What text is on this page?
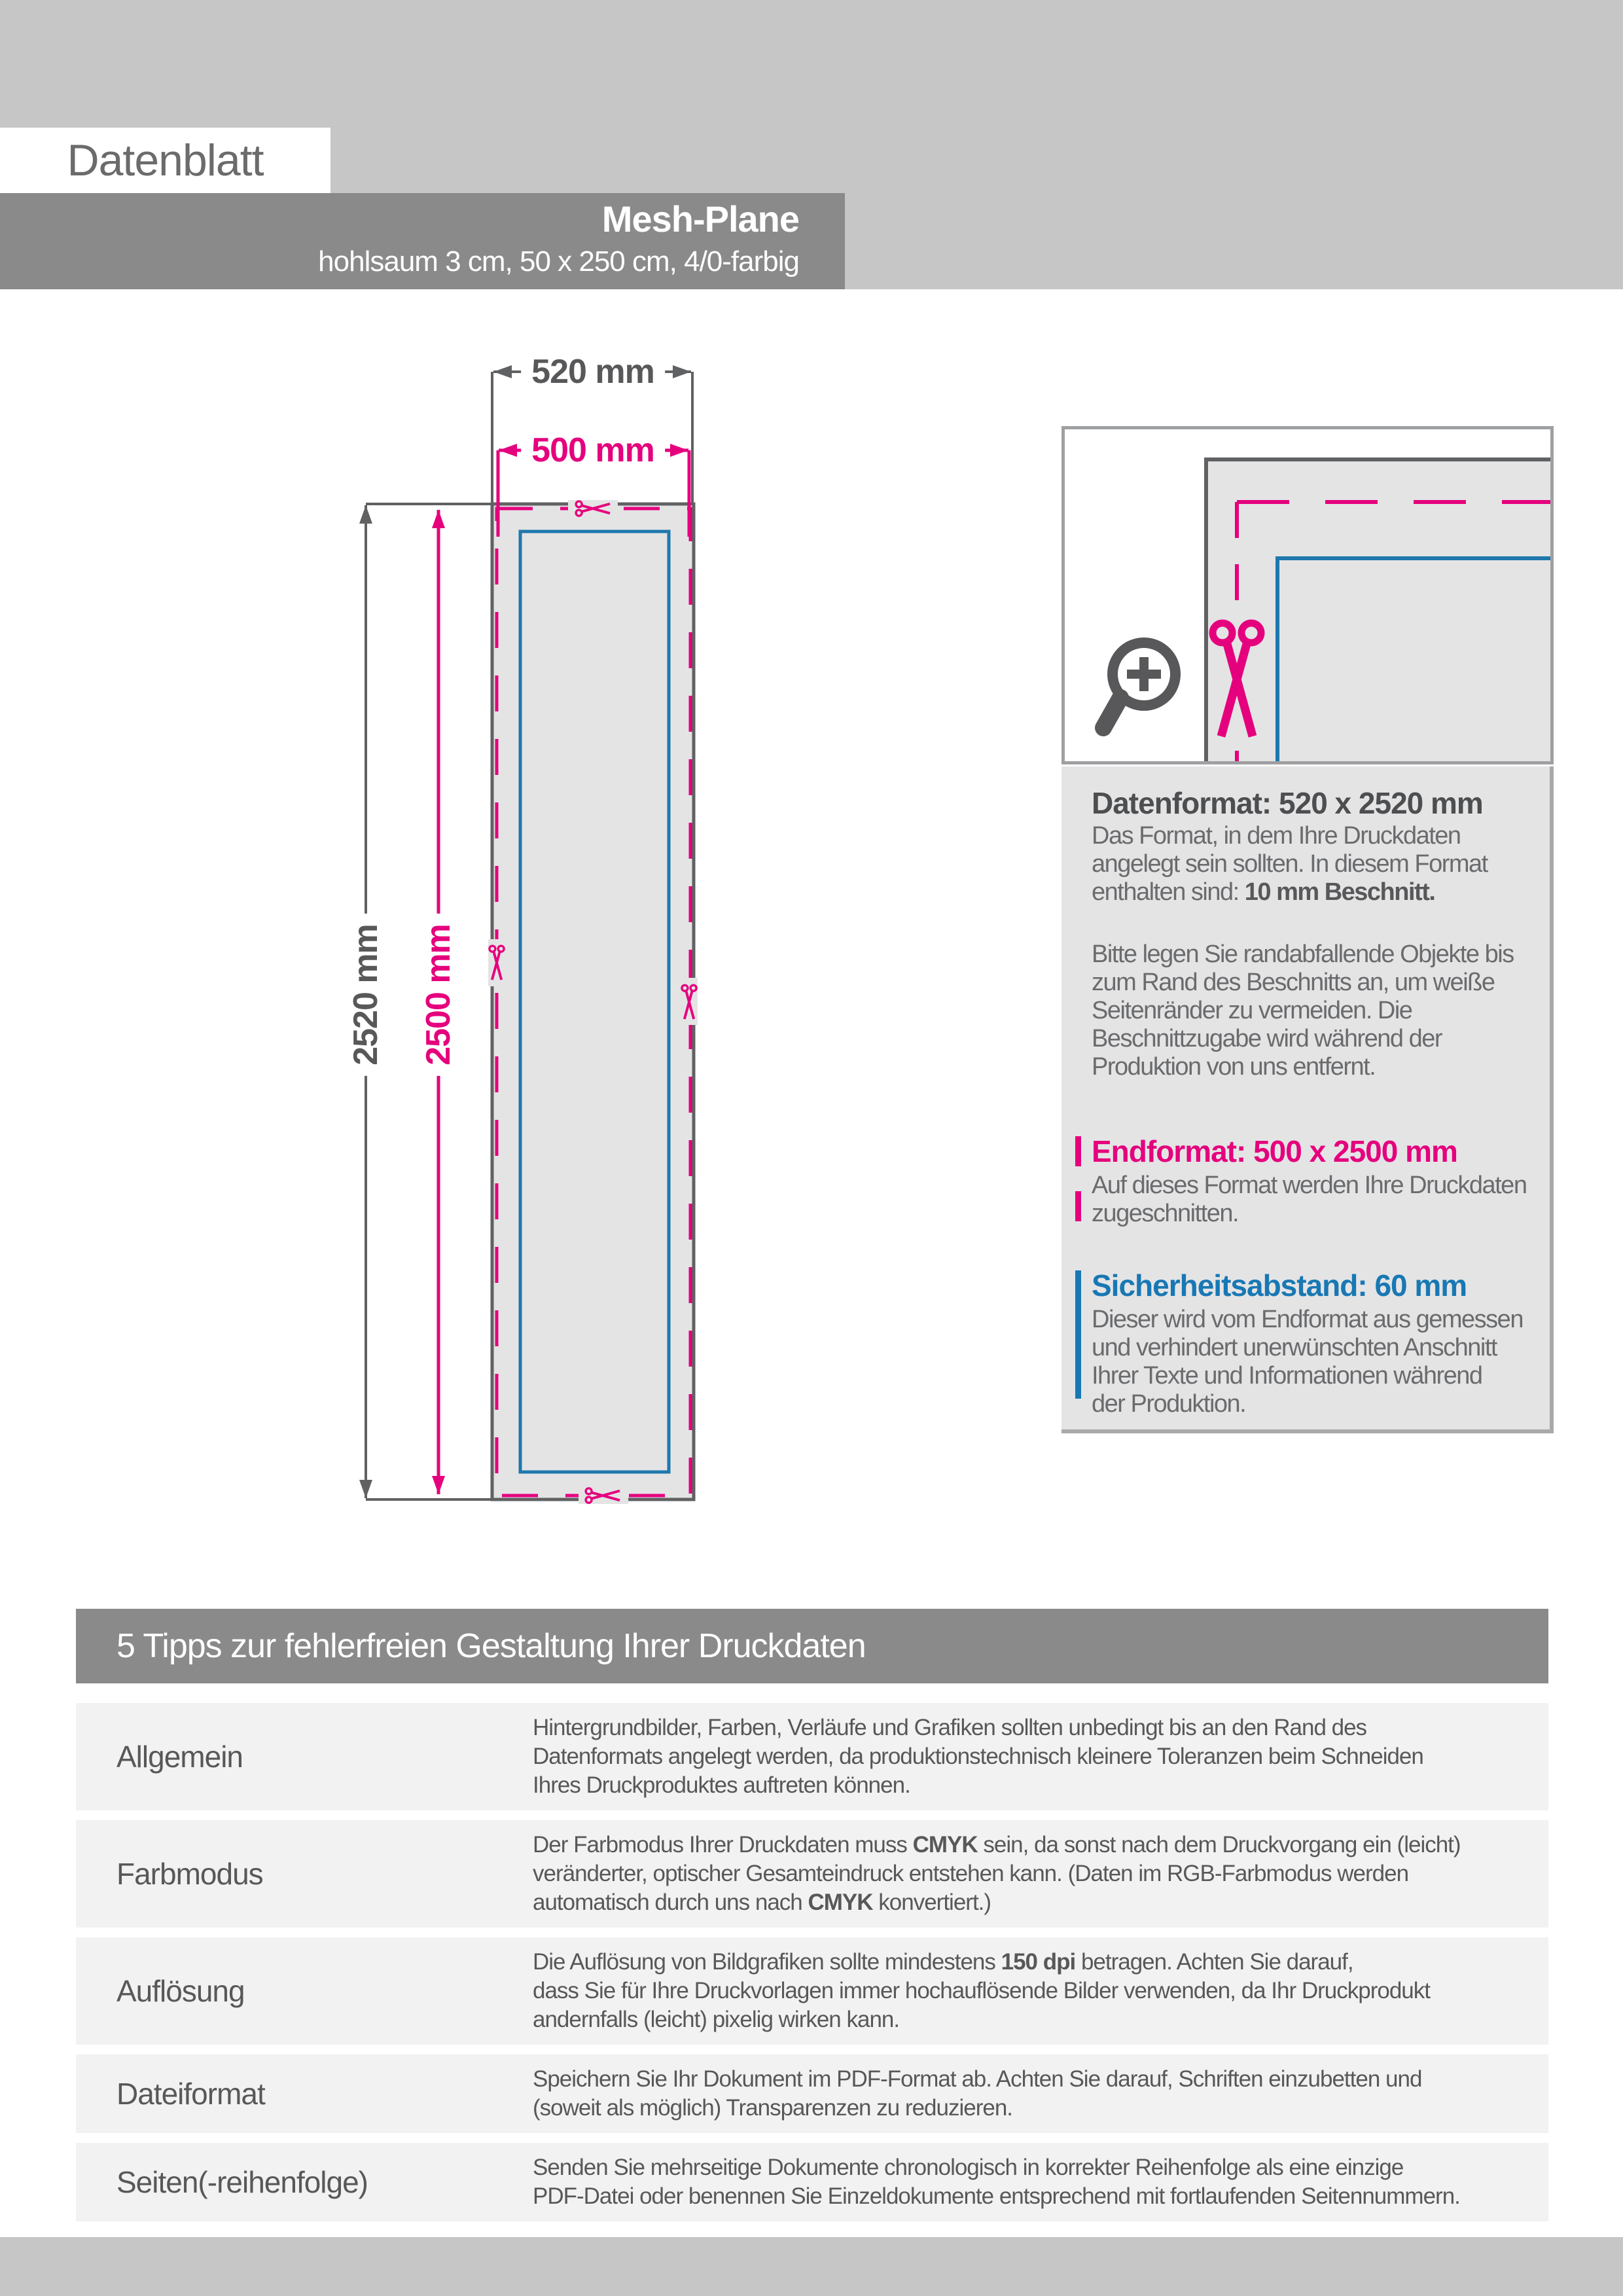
Datenblatt
Mesh-Plane
hohlsaum 3 cm, 50 x 250 cm, 4/0-farbig
520 mm
500 mm
2520 mm 2500 mm
Datenformat: 520 x 2520 mm
Das Format, in dem Ihre Druckdaten
angelegt sein sollten. In diesem Format
enthalten sind: 10 mm Beschnitt.
Bitte legen Sie randabfallende Objekte bis
zum Rand des Beschnitts an, um weiße
Seitenränder zu vermeiden. Die
Beschnittzugabe wird während der
Produktion von uns entfernt.
Endformat: 500 x 2500 mm
Auf dieses Format werden Ihre Druckdaten
zugeschnitten.
Sicherheitsabstand: 60 mm
Dieser wird vom Endformat aus gemessen
und verhindert unerwünschten Anschnitt
Ihrer Texte und Informationen während
der Produktion.
5 Tipps zur fehlerfreien Gestaltung Ihrer Druckdaten
Allgemein
Hintergrundbilder, Farben, Verläufe und Grafiken sollten unbedingt bis an den Rand des
Datenformats angelegt werden, da produktionstechnisch kleinere Toleranzen beim Schneiden
Ihres Druckproduktes auftreten können.
Farbmodus
Der Farbmodus Ihrer Druckdaten muss CMYK sein, da sonst nach dem Druckvorgang ein (leicht)
veränderter, optischer Gesamteindruck entstehen kann. (Daten im RGB-Farbmodus werden
automatisch durch uns nach CMYK konvertiert.)
Auflösung
Die Auflösung von Bildgrafiken sollte mindestens 150 dpi betragen. Achten Sie darauf,
dass Sie für Ihre Druckvorlagen immer hochauflösende Bilder verwenden, da Ihr Druckprodukt
andernfalls (leicht) pixelig wirken kann.
Dateiformat	Speichern Sie Ihr Dokument im PDF-Format ab. Achten Sie darauf, Schriften einzubetten und
(soweit als möglich) Transparenzen zu reduzieren.
Seiten(-reihenfolge)	Senden Sie mehrseitige Dokumente chronologisch in korrekter Reihenfolge als eine einzige
PDF-Datei oder benennen Sie Einzeldokumente entsprechend mit fortlaufenden Seitennummern.
